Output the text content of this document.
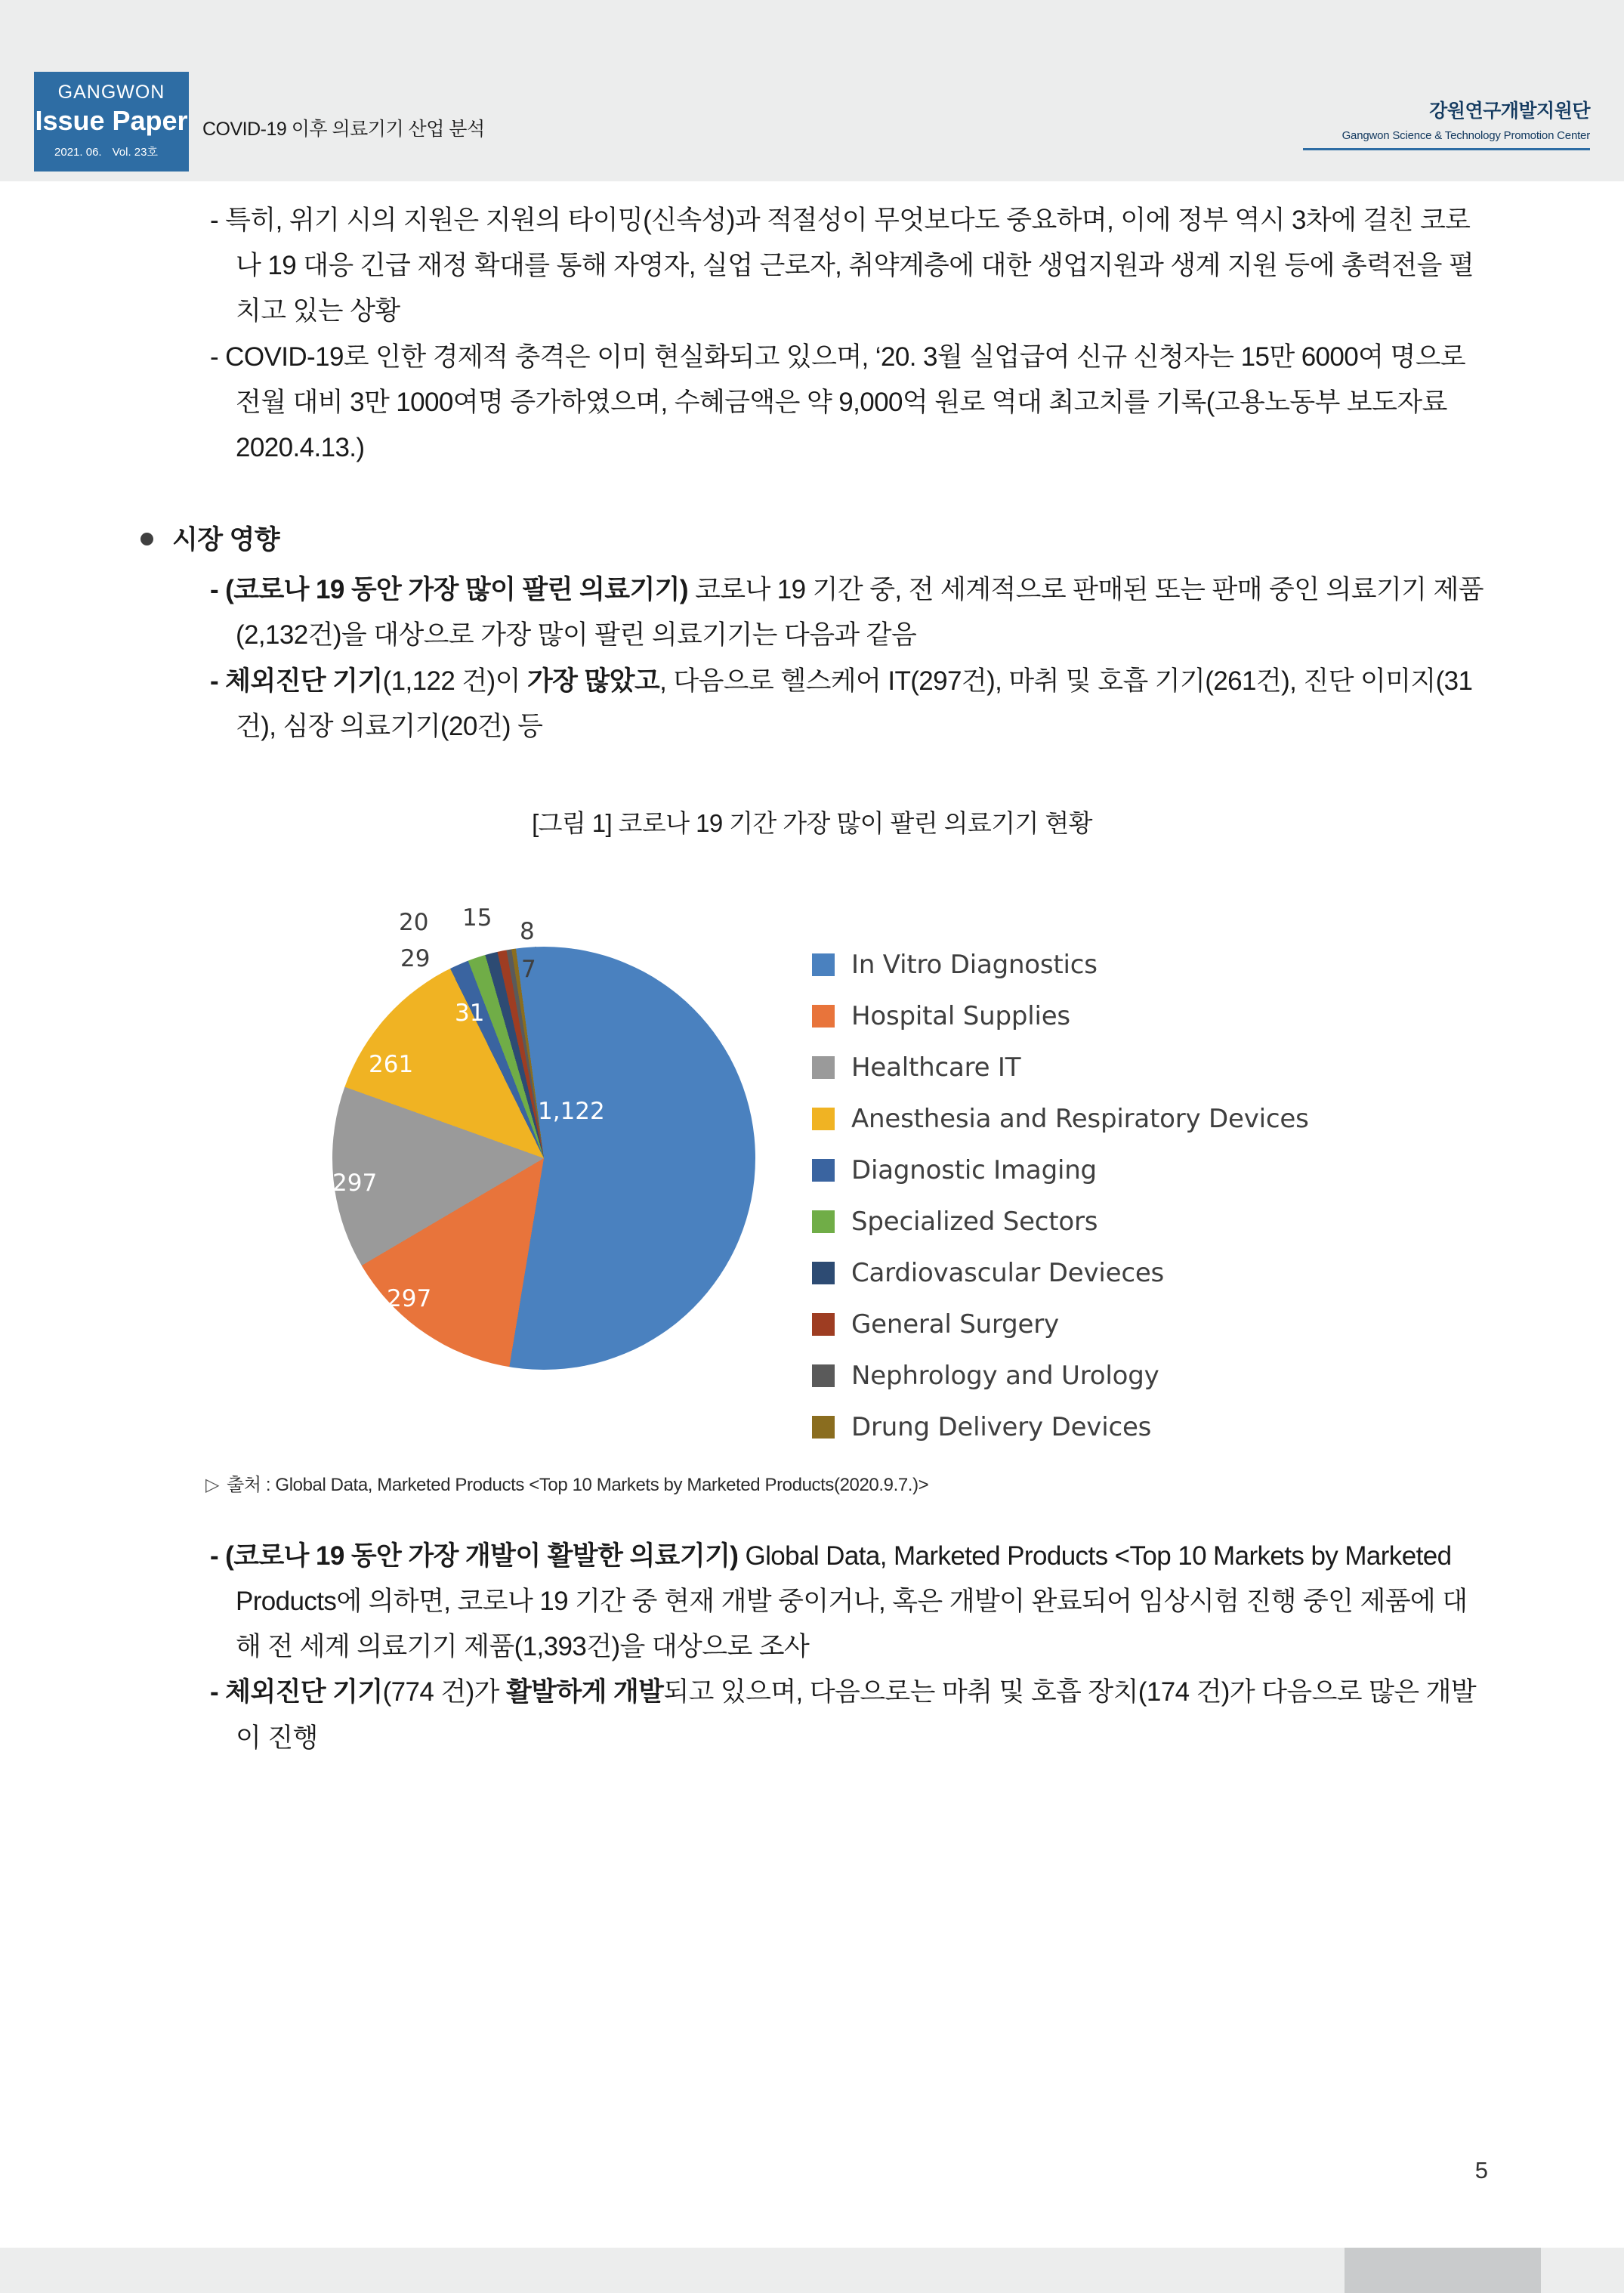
GANGWON
Issue Paper
2021. 06. Vol. 23호
COVID-19 이후 의료기기 산업 분석
강원연구개발지원단
Gangwon Science & Technology Promotion Center
- 특히, 위기 시의 지원은 지원의 타이밍(신속성)과 적절성이 무엇보다도 중요하며, 이에 정부 역시 3차에 걸친 코로나 19 대응 긴급 재정 확대를 통해 자영자, 실업 근로자, 취약계층에 대한 생업지원과 생계 지원 등에 총력전을 펼치고 있는 상황
- COVID-19로 인한 경제적 충격은 이미 현실화되고 있으며, ‘20. 3월 실업급여 신규 신청자는 15만 6000여 명으로 전월 대비 3만 1000여명 증가하였으며, 수혜금액은 약 9,000억 원로 역대 최고치를 기록(고용노동부 보도자료 2020.4.13.)
시장 영향
- (코로나 19 동안 가장 많이 팔린 의료기기) 코로나 19 기간 중, 전 세계적으로 판매된 또는 판매 중인 의료기기 제품(2,132건)을 대상으로 가장 많이 팔린 의료기기는 다음과 같음
- 체외진단 기기(1,122 건)이 가장 많았고, 다음으로 헬스케어 IT(297건), 마취 및 호흡 기기(261건), 진단 이미지(31건), 심장 의료기기(20건) 등
[그림 1] 코로나 19 기간 가장 많이 팔린 의료기기 현황
1,122
297
297
261
31
29
20 15 8
7	In Vitro Diagnostics
Hospital Supplies
Healthcare IT
Anesthesia and Respiratory Devices
Diagnostic Imaging
Specialized Sectors
Cardiovascular Devieces
General Surgery
Nephrology and Urology
Drung Delivery Devices
▷ 출처 : Global Data, Marketed Products <Top 10 Markets by Marketed Products(2020.9.7.)>
- (코로나 19 동안 가장 개발이 활발한 의료기기) Global Data, Marketed Products <Top 10 Markets by Marketed Products에 의하면, 코로나 19 기간 중 현재 개발 중이거나, 혹은 개발이 완료되어 임상시험 진행 중인 제품에 대해 전 세계 의료기기 제품(1,393건)을 대상으로 조사
- 체외진단 기기(774 건)가 활발하게 개발되고 있으며, 다음으로는 마취 및 호흡 장치(174 건)가 다음으로 많은 개발이 진행
5
